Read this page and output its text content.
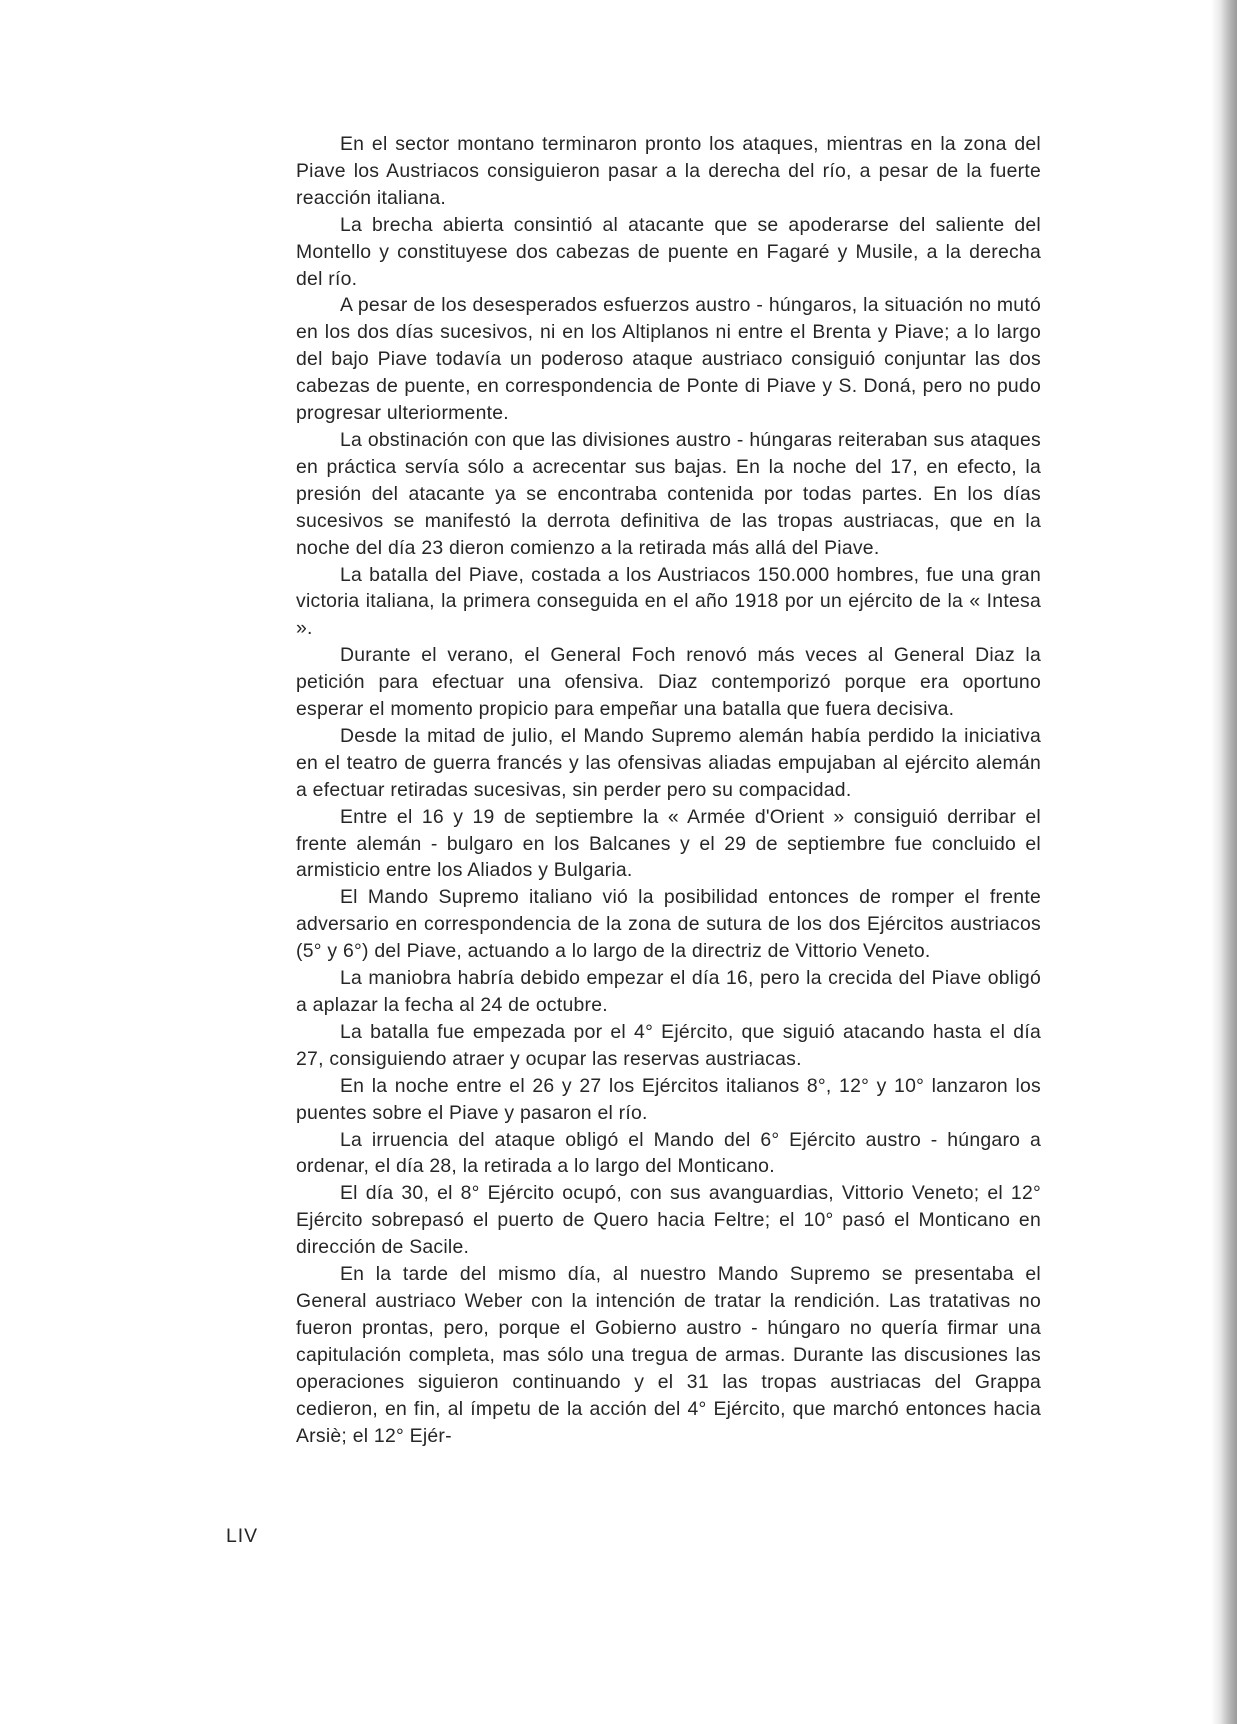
En el sector montano terminaron pronto los ataques, mientras en la zona del Piave los Austriacos consiguieron pasar a la derecha del río, a pesar de la fuerte reacción italiana.

La brecha abierta consintió al atacante que se apoderarse del saliente del Montello y constituyese dos cabezas de puente en Fagaré y Musile, a la derecha del río.

A pesar de los desesperados esfuerzos austro - húngaros, la situación no mutó en los dos días sucesivos, ni en los Altiplanos ni entre el Brenta y Piave; a lo largo del bajo Piave todavía un poderoso ataque austriaco consiguió conjuntar las dos cabezas de puente, en correspondencia de Ponte di Piave y S. Doná, pero no pudo progresar ulteriormente.

La obstinación con que las divisiones austro - húngaras reiteraban sus ataques en práctica servía sólo a acrecentar sus bajas. En la noche del 17, en efecto, la presión del atacante ya se encontraba contenida por todas partes. En los días sucesivos se manifestó la derrota definitiva de las tropas austriacas, que en la noche del día 23 dieron comienzo a la retirada más allá del Piave.

La batalla del Piave, costada a los Austriacos 150.000 hombres, fue una gran victoria italiana, la primera conseguida en el año 1918 por un ejército de la « Intesa ».

Durante el verano, el General Foch renovó más veces al General Diaz la petición para efectuar una ofensiva. Diaz contemporizó porque era oportuno esperar el momento propicio para empeñar una batalla que fuera decisiva.

Desde la mitad de julio, el Mando Supremo alemán había perdido la iniciativa en el teatro de guerra francés y las ofensivas aliadas empujaban al ejército alemán a efectuar retiradas sucesivas, sin perder pero su compacidad.

Entre el 16 y 19 de septiembre la « Armée d'Orient » consiguió derribar el frente alemán - bulgaro en los Balcanes y el 29 de septiembre fue concluido el armisticio entre los Aliados y Bulgaria.

El Mando Supremo italiano vió la posibilidad entonces de romper el frente adversario en correspondencia de la zona de sutura de los dos Ejércitos austriacos (5° y 6°) del Piave, actuando a lo largo de la directriz de Vittorio Veneto.

La maniobra habría debido empezar el día 16, pero la crecida del Piave obligó a aplazar la fecha al 24 de octubre.

La batalla fue empezada por el 4° Ejército, que siguió atacando hasta el día 27, consiguiendo atraer y ocupar las reservas austriacas.

En la noche entre el 26 y 27 los Ejércitos italianos 8°, 12° y 10° lanzaron los puentes sobre el Piave y pasaron el río.

La irruencia del ataque obligó el Mando del 6° Ejército austro - húngaro a ordenar, el día 28, la retirada a lo largo del Monticano.

El día 30, el 8° Ejército ocupó, con sus avanguardias, Vittorio Veneto; el 12° Ejército sobrepasó el puerto de Quero hacia Feltre; el 10° pasó el Monticano en dirección de Sacile.

En la tarde del mismo día, al nuestro Mando Supremo se presentaba el General austriaco Weber con la intención de tratar la rendición. Las tratativas no fueron prontas, pero, porque el Gobierno austro - húngaro no quería firmar una capitulación completa, mas sólo una tregua de armas. Durante las discusiones las operaciones siguieron continuando y el 31 las tropas austriacas del Grappa cedieron, en fin, al ímpetu de la acción del 4° Ejército, que marchó entonces hacia Arsiè; el 12° Ejér-

LIV
